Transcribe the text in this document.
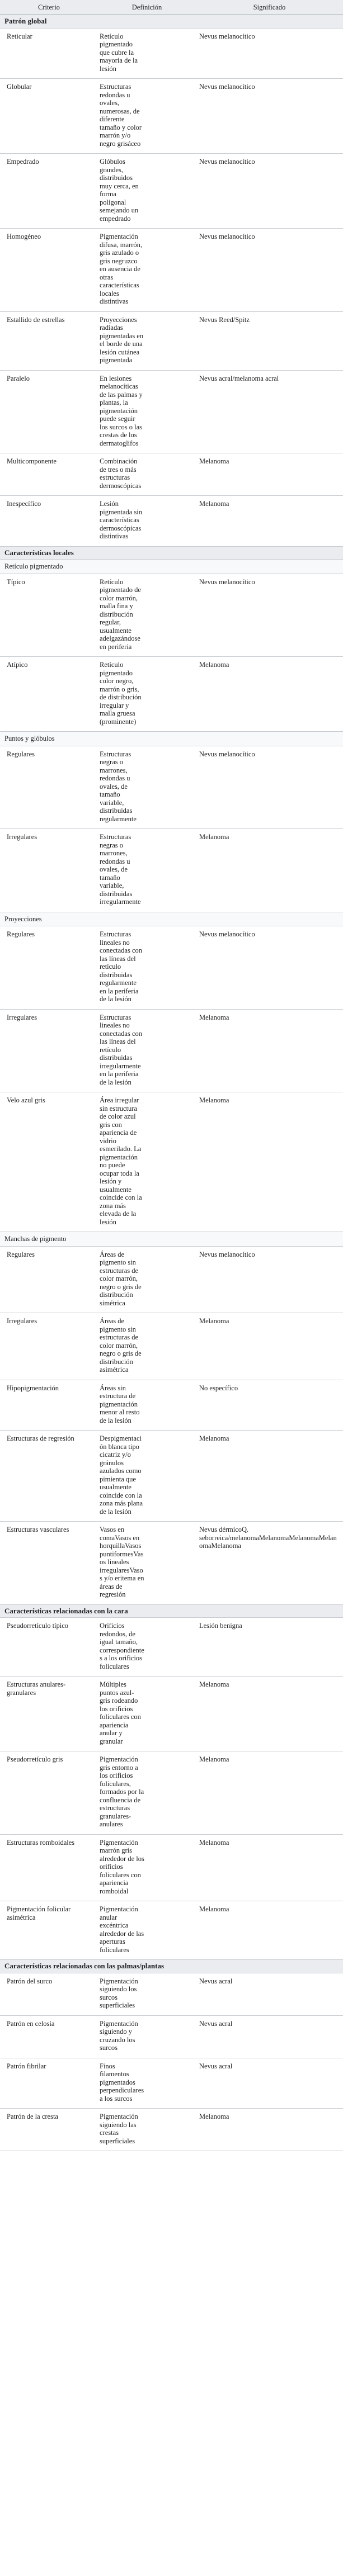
Criterio	Definición	Significado
Patrón global		
Reticular	Retículo pigmentado que cubre la mayoría de la lesión	Nevus melanocítico
Globular	Estructuras redondas u ovales, numerosas, de diferente tamaño y color marrón y/o negro grisáceo	Nevus melanocítico
Empedrado	Glóbulos grandes, distribuidos muy cerca, en forma poligonal semejando un empedrado	Nevus melanocítico
Homogéneo	Pigmentación difusa, marrón, gris azulado o gris negruzco en ausencia de otras características locales distintivas	Nevus melanocítico
Estallido de estrellas	Proyecciones radiadas pigmentadas en el borde de una lesión cutánea pigmentada	Nevus Reed/Spitz
Paralelo	En lesiones melanocíticas de las palmas y plantas, la pigmentación puede seguir los surcos o las crestas de los dermatoglifos	Nevus acral/melanoma acral
Multicomponente	Combinación de tres o más estructuras dermoscópicas	Melanoma
Inespecífico	Lesión pigmentada sin características dermoscópicas distintivas	Melanoma
Características locales		
Retículo pigmentado		
Típico	Retículo pigmentado de color marrón, malla fina y distribución regular, usualmente adelgazándose en periferia	Nevus melanocítico
Atípico	Retículo pigmentado color negro, marrón o gris, de distribución irregular y malla gruesa (prominente)	Melanoma
Puntos y glóbulos		
Regulares	Estructuras negras o marrones, redondas u ovales, de tamaño variable, distribuidas regularmente	Nevus melanocítico
Irregulares	Estructuras negras o marrones, redondas u ovales, de tamaño variable, distribuidas irregularmente	Melanoma
Proyecciones		
Regulares	Estructuras lineales no conectadas con las líneas del retículo distribuidas regularmente en la periferia de la lesión	Nevus melanocítico
Irregulares	Estructuras lineales no conectadas con las líneas del retículo distribuidas irregularmente en la periferia de la lesión	Melanoma
Velo azul gris	Área irregular sin estructura de color azul gris con apariencia de vidrio esmerilado. La pigmentación no puede ocupar toda la lesión y usualmente coincide con la zona más elevada de la lesión	Melanoma
Manchas de pigmento		
Regulares	Áreas de pigmento sin estructuras de color marrón, negro o gris de distribución simétrica	Nevus melanocítico
Irregulares	Áreas de pigmento sin estructuras de color marrón, negro o gris de distribución asimétrica	Melanoma
Hipopigmentación	Áreas sin estructura de pigmentación menor al resto de la lesión	No específico
Estructuras de regresión	Despigmentación blanca tipo cicatriz y/o gránulos azulados como pimienta que usualmente coincide con la zona más plana de la lesión	Melanoma
Estructuras vasculares	Vasos en comaVasos en horquillaVasos puntiformesVasos lineales irregularesVasos y/o eritema en áreas de regresión	Nevus dérmicoQ. seborreica/melanomaMelanomaMelanomaMelanomaMelanoma
Características relacionadas con la cara		
Pseudorretículo típico	Orificios redondos, de igual tamaño, correspondientes a los orificios foliculares	Lesión benigna
Estructuras anulares-granulares	Múltiples puntos azul-gris rodeando los orificios foliculares con apariencia anular y granular	Melanoma
Pseudorretículo gris	Pigmentación gris entorno a los orificios foliculares, formados por la confluencia de estructuras granulares-anulares	Melanoma
Estructuras romboidales	Pigmentación marrón gris alrededor de los orificios foliculares con apariencia romboidal	Melanoma
Pigmentación folicular asimétrica	Pigmentación anular excéntrica alrededor de las aperturas foliculares	Melanoma
Características relacionadas con las palmas/plantas		
Patrón del surco	Pigmentación siguiendo los surcos superficiales	Nevus acral
Patrón en celosía	Pigmentación siguiendo y cruzando los surcos	Nevus acral
Patrón fibrilar	Finos filamentos pigmentados perpendiculares a los surcos	Nevus acral
Patrón de la cresta	Pigmentación siguiendo las crestas superficiales	Melanoma
